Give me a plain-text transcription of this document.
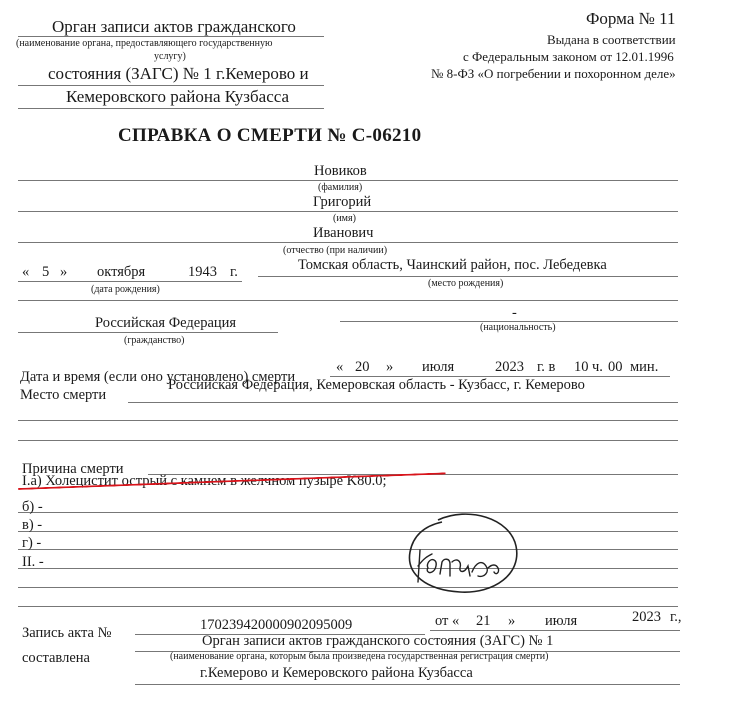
Орган записи актов гражданского
(наименование органа, предоставляющего государственную
услугу)
состояния (ЗАГС) № 1 г.Кемерово и
Кемеровского района Кузбасса
Форма № 11
Выдана в соответствии
с Федеральным законом от 12.01.1996
№ 8-ФЗ «О погребении и похоронном деле»
СПРАВКА О СМЕРТИ № С-06210
Новиков
(фамилия)
Григорий
(имя)
Иванович
(отчество (при наличии)
« 5 » октября	1943 г.
(дата рождения)
Томская область, Чаинский район, пос. Лебедевка
(место рождения)
Российская Федерация
(гражданство)
-
(национальность)
Дата и время (если оно установлено) смерти
« 20 » июля	2023 г. в 10 ч. 00 мин.
Место смерти
Российская Федерация, Кемеровская область - Кузбасс, г. Кемерово
Причина смерти
I.а) Холецистит острый с камнем в желчном пузыре K80.0;
б) -
в) -
г) -
II. -
Запись акта №	170239420000902095009	от « 21 » июля	2023 г.,
составлена
Орган записи актов гражданского состояния (ЗАГС) № 1
(наименование органа, которым была произведена государственная регистрация смерти)
г.Кемерово и Кемеровского района Кузбасса
